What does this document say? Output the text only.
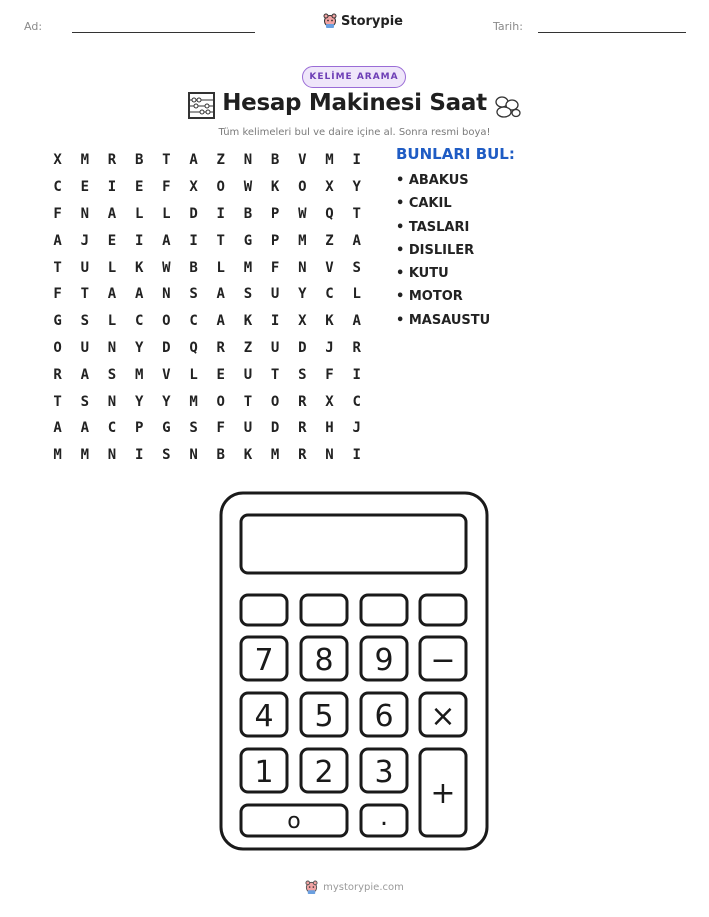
Ad:	Storypie	Tarih:
KELİME ARAMA
Hesap Makinesi Saat
Tüm kelimeleri bul ve daire içine al. Sonra resmi boya!
X	M	R	B	T	A	Z	N	B	V	M	I
C	E	I	E	F	X	O	W	K	O	X	Y
F	N	A	L	L	D	I	B	P	W	Q	T
A	J	E	I	A	I	T	G	P	M	Z	A
T	U	L	K	W	B	L	M	F	N	V	S
F	T	A	A	N	S	A	S	U	Y	C	L
G	S	L	C	O	C	A	K	I	X	K	A
O	U	N	Y	D	Q	R	Z	U	D	J	R
R	A	S	M	V	L	E	U	T	S	F	I
T	S	N	Y	Y	M	O	T	O	R	X	C
A	A	C	P	G	S	F	U	D	R	H	J
M	M	N	I	S	N	B	K	M	R	N	I
BUNLARI BUL:
• ABAKUS
• CAKIL
• TASLARI
• DISLILER
• KUTU
• MOTOR
• MASAUSTU
7 8 9 −
4 5 6 ×
1 2 3
+
o	.
mystorypie.com
